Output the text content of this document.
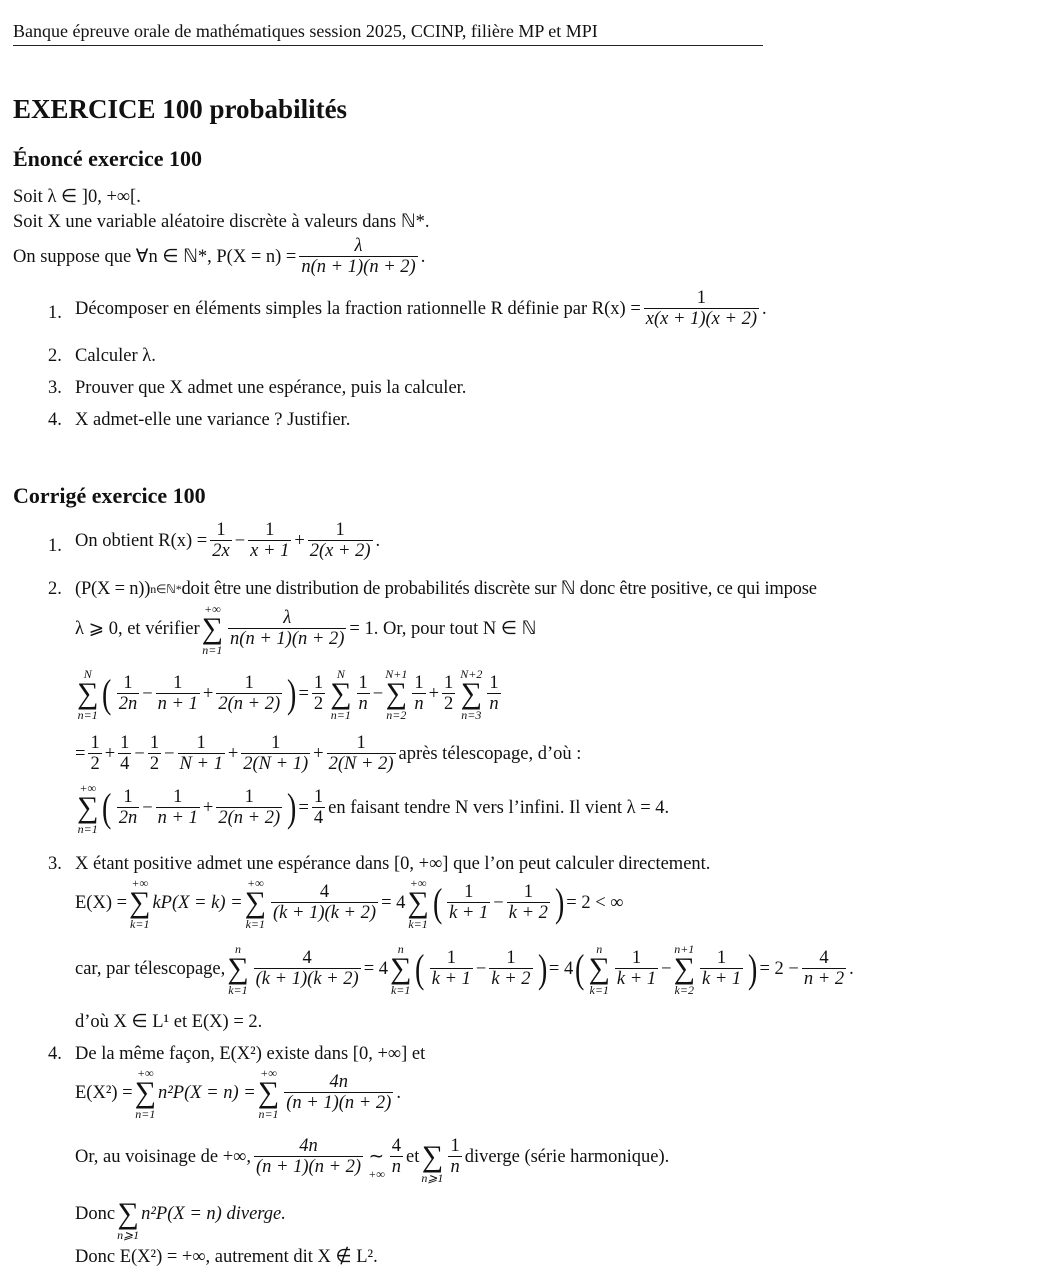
Banque épreuve orale de mathématiques session 2025, CCINP, filière MP et MPI
EXERCICE 100 probabilités
Énoncé exercice 100
Soit λ ∈ ]0, +∞[.
Soit X une variable aléatoire discrète à valeurs dans ℕ*.
On suppose que ∀n ∈ ℕ*, $P(X = n) = \frac{\lambda}{n(n + 1)(n + 2)}$ .
1. Décomposer en éléments simples la fraction rationnelle R définie par $R(x) = \frac{1}{x(x + 1)(x + 2)}$ .
2. Calculer λ.
3. Prouver que X admet une espérance, puis la calculer.
4. X admet-elle une variance ? Justifier.
Corrigé exercice 100
1. On obtient $R(x) = \frac{1}{2x} - \frac{1}{x + 1} + \frac{1}{2(x + 2)}$ .
2. (P(X = n)) n∈ℕ* doit être une distribution de probabilités discrète sur ℕ donc être positive, ce qui impose
λ ⩾ 0, et vérifier
+∞
∑
$n=1 \frac{\lambda}{n(n + 1)(n + 2)} = 1$. Or, pour tout N ∈ ℕ
N
∑
n=1 ( $\frac{1}{2n} - \frac{1}{n + 1} + \frac{1}{2(n + 2)}$ ) = $\frac{1}{2}$ N
∑
$n=1 \frac{1}{n}$ −
N+1
∑
$n=2 \frac{1}{n} + \frac{1}{2} N+2$
∑
$n=3 \frac{1}{n}$
= $\frac{1}{2} + \frac{1}{4} - \frac{1}{2} - \frac{1}{N + 1} + \frac{1}{2(N + 1)} + \frac{1}{2(N + 2)}$ après télescopage, d’où :
+∞
∑
n=1 ( $\frac{1}{2n} - \frac{1}{n + 1} + \frac{1}{2(n + 2)}$ ) = $\frac{1}{4}$ en faisant tendre N vers l’infini. Il vient λ = 4.
3. X étant positive admet une espérance dans [0, +∞] que l’on peut calculer directement.
E(X) =
+∞
∑
k=1
kP(X = k) =
+∞
∑
$k=1 \frac{4}{(k + 1)(k + 2)} = 4$
+∞
∑
k=1 ( $\frac{1}{k + 1} - \frac{1}{k + 2}$ ) = 2 < ∞
car, par télescopage,
n
∑
$k=1 \frac{4}{(k + 1)(k + 2)} = 4$
n
∑
k=1 ( $\frac{1}{k + 1} - \frac{1}{k + 2}$ ) = 4 ( n
∑
$k=1 \frac{1}{k + 1}$ −
n+1
∑
$k=2 \frac{1}{k + 1}$ ) = $2 - \frac{4}{n + 2}$ .
d’où X ∈ L¹ et E(X) = 2.
4. De la même façon, E(X²) existe dans [0, +∞] et
E(X²) =
+∞
∑
n=1
n²P(X = n) =
+∞
∑
$n=1 \frac{4n}{(n + 1)(n + 2)}$ .
Or, au voisinage de +∞, $\frac{4n}{(n + 1)(n + 2)}$
∼
+∞ $\frac{4}{n}$ et
∑
n⩾1 $\frac{1}{n}$ diverge (série harmonique).
Donc
∑
n⩾1
n²P(X = n) diverge.
Donc E(X²) = +∞, autrement dit X ∉ L².
